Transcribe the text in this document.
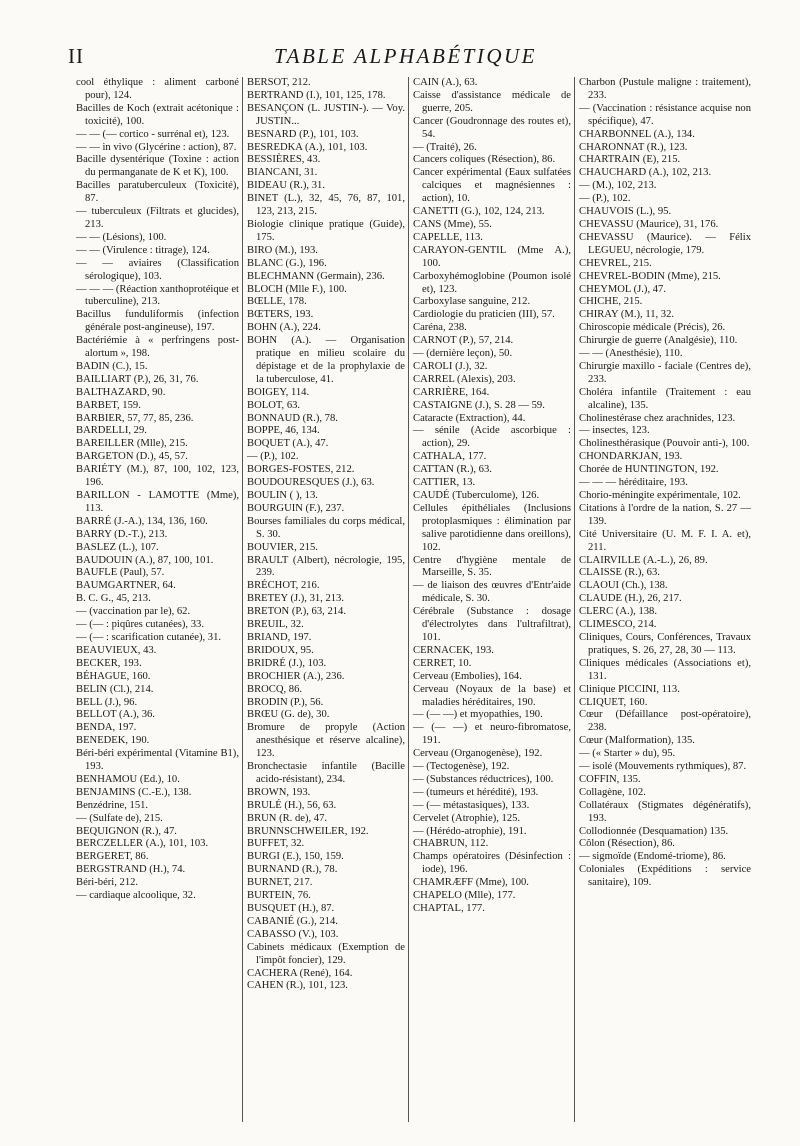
II	TABLE ALPHABÉTIQUE

cool éthylique : aliment carboné pour), 124.

Bacilles de Koch (extrait acétonique : toxicité), 100.

— — (— cortico - surrénal et), 123.

— — in vivo (Glycérine : action), 87.

Bacille dysentérique (Toxine : action du permanganate de K et K), 100.

Bacilles paratuberculeux (Toxicité), 87.

— tuberculeux (Filtrats et glucides), 213.

— — (Lésions), 100.

— — (Virulence : titrage), 124.

— — aviaires (Classification sérologique), 103.

— — — (Réaction xanthoprotéique et tuberculine), 213.

Bacillus funduliformis (infection générale post-angineuse), 197.

Bactériémie à « perfringens post-alortum », 198.

BADIN (C.), 15.

BAILLIART (P.), 26, 31, 76.

BALTHAZARD, 90.

BARBET, 159.

BARBIER, 57, 77, 85, 236.

BARDELLI, 29.

BAREILLER (Mlle), 215.

BARGETON (D.), 45, 57.

BARIÉTY (M.), 87, 100, 102, 123, 196.

BARILLON - LAMOTTE (Mme), 113.

BARRÉ (J.-A.), 134, 136, 160.

BARRY (D.-T.), 213.

BASLEZ (L.), 107.

BAUDOUIN (A.), 87, 100, 101.

BAUFLE (Paul), 57.

BAUMGARTNER, 64.

B. C. G., 45, 213.

— (vaccination par le), 62.

— (— : piqûres cutanées), 33.

— (— : scarification cutanée), 31.

BEAUVIEUX, 43.

BECKER, 193.

BÉHAGUE, 160.

BELIN (Cl.), 214.

BELL (J.), 96.

BELLOT (A.), 36.

BENDA, 197.

BENEDEK, 190.

Béri-béri expérimental (Vitamine B1), 193.

BENHAMOU (Ed.), 10.

BENJAMINS (C.-E.), 138.

Benzédrine, 151.

— (Sulfate de), 215.

BEQUIGNON (R.), 47.

BERCZELLER (A.), 101, 103.

BERGERET, 86.

BERGSTRAND (H.), 74.

Béri-béri, 212.

— cardiaque alcoolique, 32.

BERSOT, 212.

BERTRAND (I.), 101, 125, 178.

BESANÇON (L. JUSTIN-). — Voy. JUSTIN...

BESNARD (P.), 101, 103.

BESREDKA (A.), 101, 103.

BESSIÈRES, 43.

BIANCANI, 31.

BIDEAU (R.), 31.

BINET (L.), 32, 45, 76, 87, 101, 123, 213, 215.

Biologie clinique pratique (Guide), 175.

BIRO (M.), 193.

BLANC (G.), 196.

BLECHMANN (Germain), 236.

BLOCH (Mlle F.), 100.

BŒLLE, 178.

BŒTERS, 193.

BOHN (A.), 224.

BOHN (A.). — Organisation pratique en milieu scolaire du dépistage et de la prophylaxie de la tuberculose, 41.

BOIGEY, 114.

BOLOT, 63.

BONNAUD (R.), 78.

BOPPE, 46, 134.

BOQUET (A.), 47.

— (P.), 102.

BORGES-FOSTES, 212.

BOUDOURESQUES (J.), 63.

BOULIN ( ), 13.

BOURGUIN (F.), 237.

Bourses familiales du corps médical, S. 30.

BOUVIER, 215.

BRAULT (Albert), nécrologie, 195, 239.

BRÉCHOT, 216.

BRETEY (J.), 31, 213.

BRETON (P.), 63, 214.

BREUIL, 32.

BRIAND, 197.

BRIDOUX, 95.

BRIDRÉ (J.), 103.

BROCHIER (A.), 236.

BROCQ, 86.

BRODIN (P.), 56.

BRŒU (G. de), 30.

Bromure de propyle (Action anesthésique et réserve alcaline), 123.

Bronchectasie infantile (Bacille acido-résistant), 234.

BROWN, 193.

BRULÉ (H.), 56, 63.

BRUN (R. de), 47.

BRUNNSCHWEILER, 192.

BUFFET, 32.

BURGI (E.), 150, 159.

BURNAND (R.), 78.

BURNET, 217.

BURTEIN, 76.

BUSQUET (H.), 87.

CABANIÉ (G.), 214.

CABASSO (V.), 103.

Cabinets médicaux (Exemption de l'impôt foncier), 129.

CACHERA (René), 164.

CAHEN (R.), 101, 123.

CAIN (A.), 63.

Caisse d'assistance médicale de guerre, 205.

Cancer (Goudronnage des routes et), 54.

— (Traité), 26.

Cancers coliques (Résection), 86.

Cancer expérimental (Eaux sulfatées calciques et magnésiennes : action), 10.

CANETTI (G.), 102, 124, 213.

CANS (Mme), 55.

CAPELLE, 113.

CARAYON-GENTIL (Mme A.), 100.

Carboxyhémoglobine (Poumon isolé et), 123.

Carboxylase sanguine, 212.

Cardiologie du praticien (III), 57.

Caréna, 238.

CARNOT (P.), 57, 214.

— (dernière leçon), 50.

CAROLI (J.), 32.

CARREL (Alexis), 203.

CARRIÈRE, 164.

CASTAIGNE (J.), S. 28 — 59.

Cataracte (Extraction), 44.

— sénile (Acide ascorbique : action), 29.

CATHALA, 177.

CATTAN (R.), 63.

CATTIER, 13.

CAUDÉ (Tuberculome), 126.

Cellules épithéliales (Inclusions protoplasmiques : élimination par salive parotidienne dans oreillons), 102.

Centre d'hygiène mentale de Marseille, S. 35.

— de liaison des œuvres d'Entr'aide médicale, S. 30.

Cérébrale (Substance : dosage d'électrolytes dans l'ultrafiltrat), 101.

CERNACEK, 193.

CERRET, 10.

Cerveau (Embolies), 164.

Cerveau (Noyaux de la base) et maladies héréditaires, 190.

— (— —) et myopathies, 190.

— (— —) et neuro-fibromatose, 191.

Cerveau (Organogenèse), 192.

— (Tectogenèse), 192.

— (Substances réductrices), 100.

— (tumeurs et hérédité), 193.

— (— métastasiques), 133.

Cervelet (Atrophie), 125.

— (Hérédo-atrophie), 191.

CHABRUN, 112.

Champs opératoires (Désinfection : iode), 196.

CHAMRÆFF (Mme), 100.

CHAPELO (Mlle), 177.

CHAPTAL, 177.

Charbon (Pustule maligne : traitement), 233.

— (Vaccination : résistance acquise non spécifique), 47.

CHARBONNEL (A.), 134.

CHARONNAT (R.), 123.

CHARTRAIN (E), 215.

CHAUCHARD (A.), 102, 213.

— (M.), 102, 213.

— (P.), 102.

CHAUVOIS (L.), 95.

CHEVASSU (Maurice), 31, 176.

CHEVASSU (Maurice). — Félix LEGUEU, nécrologie, 179.

CHEVREL, 215.

CHEVREL-BODIN (Mme), 215.

CHEYMOL (J.), 47.

CHICHE, 215.

CHIRAY (M.), 11, 32.

Chiroscopie médicale (Précis), 26.

Chirurgie de guerre (Analgésie), 110.

— — (Anesthésie), 110.

Chirurgie maxillo - faciale (Centres de), 233.

Choléra infantile (Traitement : eau alcaline), 135.

Cholinestérase chez arachnides, 123.

— insectes, 123.

Cholinesthérasique (Pouvoir anti-), 100.

CHONDARKJAN, 193.

Chorée de HUNTINGTON, 192.

— — — héréditaire, 193.

Chorio-méningite expérimentale, 102.

Citations à l'ordre de la nation, S. 27 — 139.

Cité Universitaire (U. M. F. I. A. et), 211.

CLAIRVILLE (A.-L.), 26, 89.

CLAISSE (R.), 63.

CLAOUI (Ch.), 138.

CLAUDE (H.), 26, 217.

CLERC (A.), 138.

CLIMESCO, 214.

Cliniques, Cours, Conférences, Travaux pratiques, S. 26, 27, 28, 30 — 113.

Cliniques médicales (Associations et), 131.

Clinique PICCINI, 113.

CLIQUET, 160.

Cœur (Défaillance post-opératoire), 238.

Cœur (Malformation), 135.

— (« Starter » du), 95.

— isolé (Mouvements rythmiques), 87.

COFFIN, 135.

Collagène, 102.

Collatéraux (Stigmates dégénératifs), 193.

Collodionnée (Desquamation) 135.

Côlon (Résection), 86.

— sigmoïde (Endomé-triome), 86.

Coloniales (Expéditions : service sanitaire), 109.
